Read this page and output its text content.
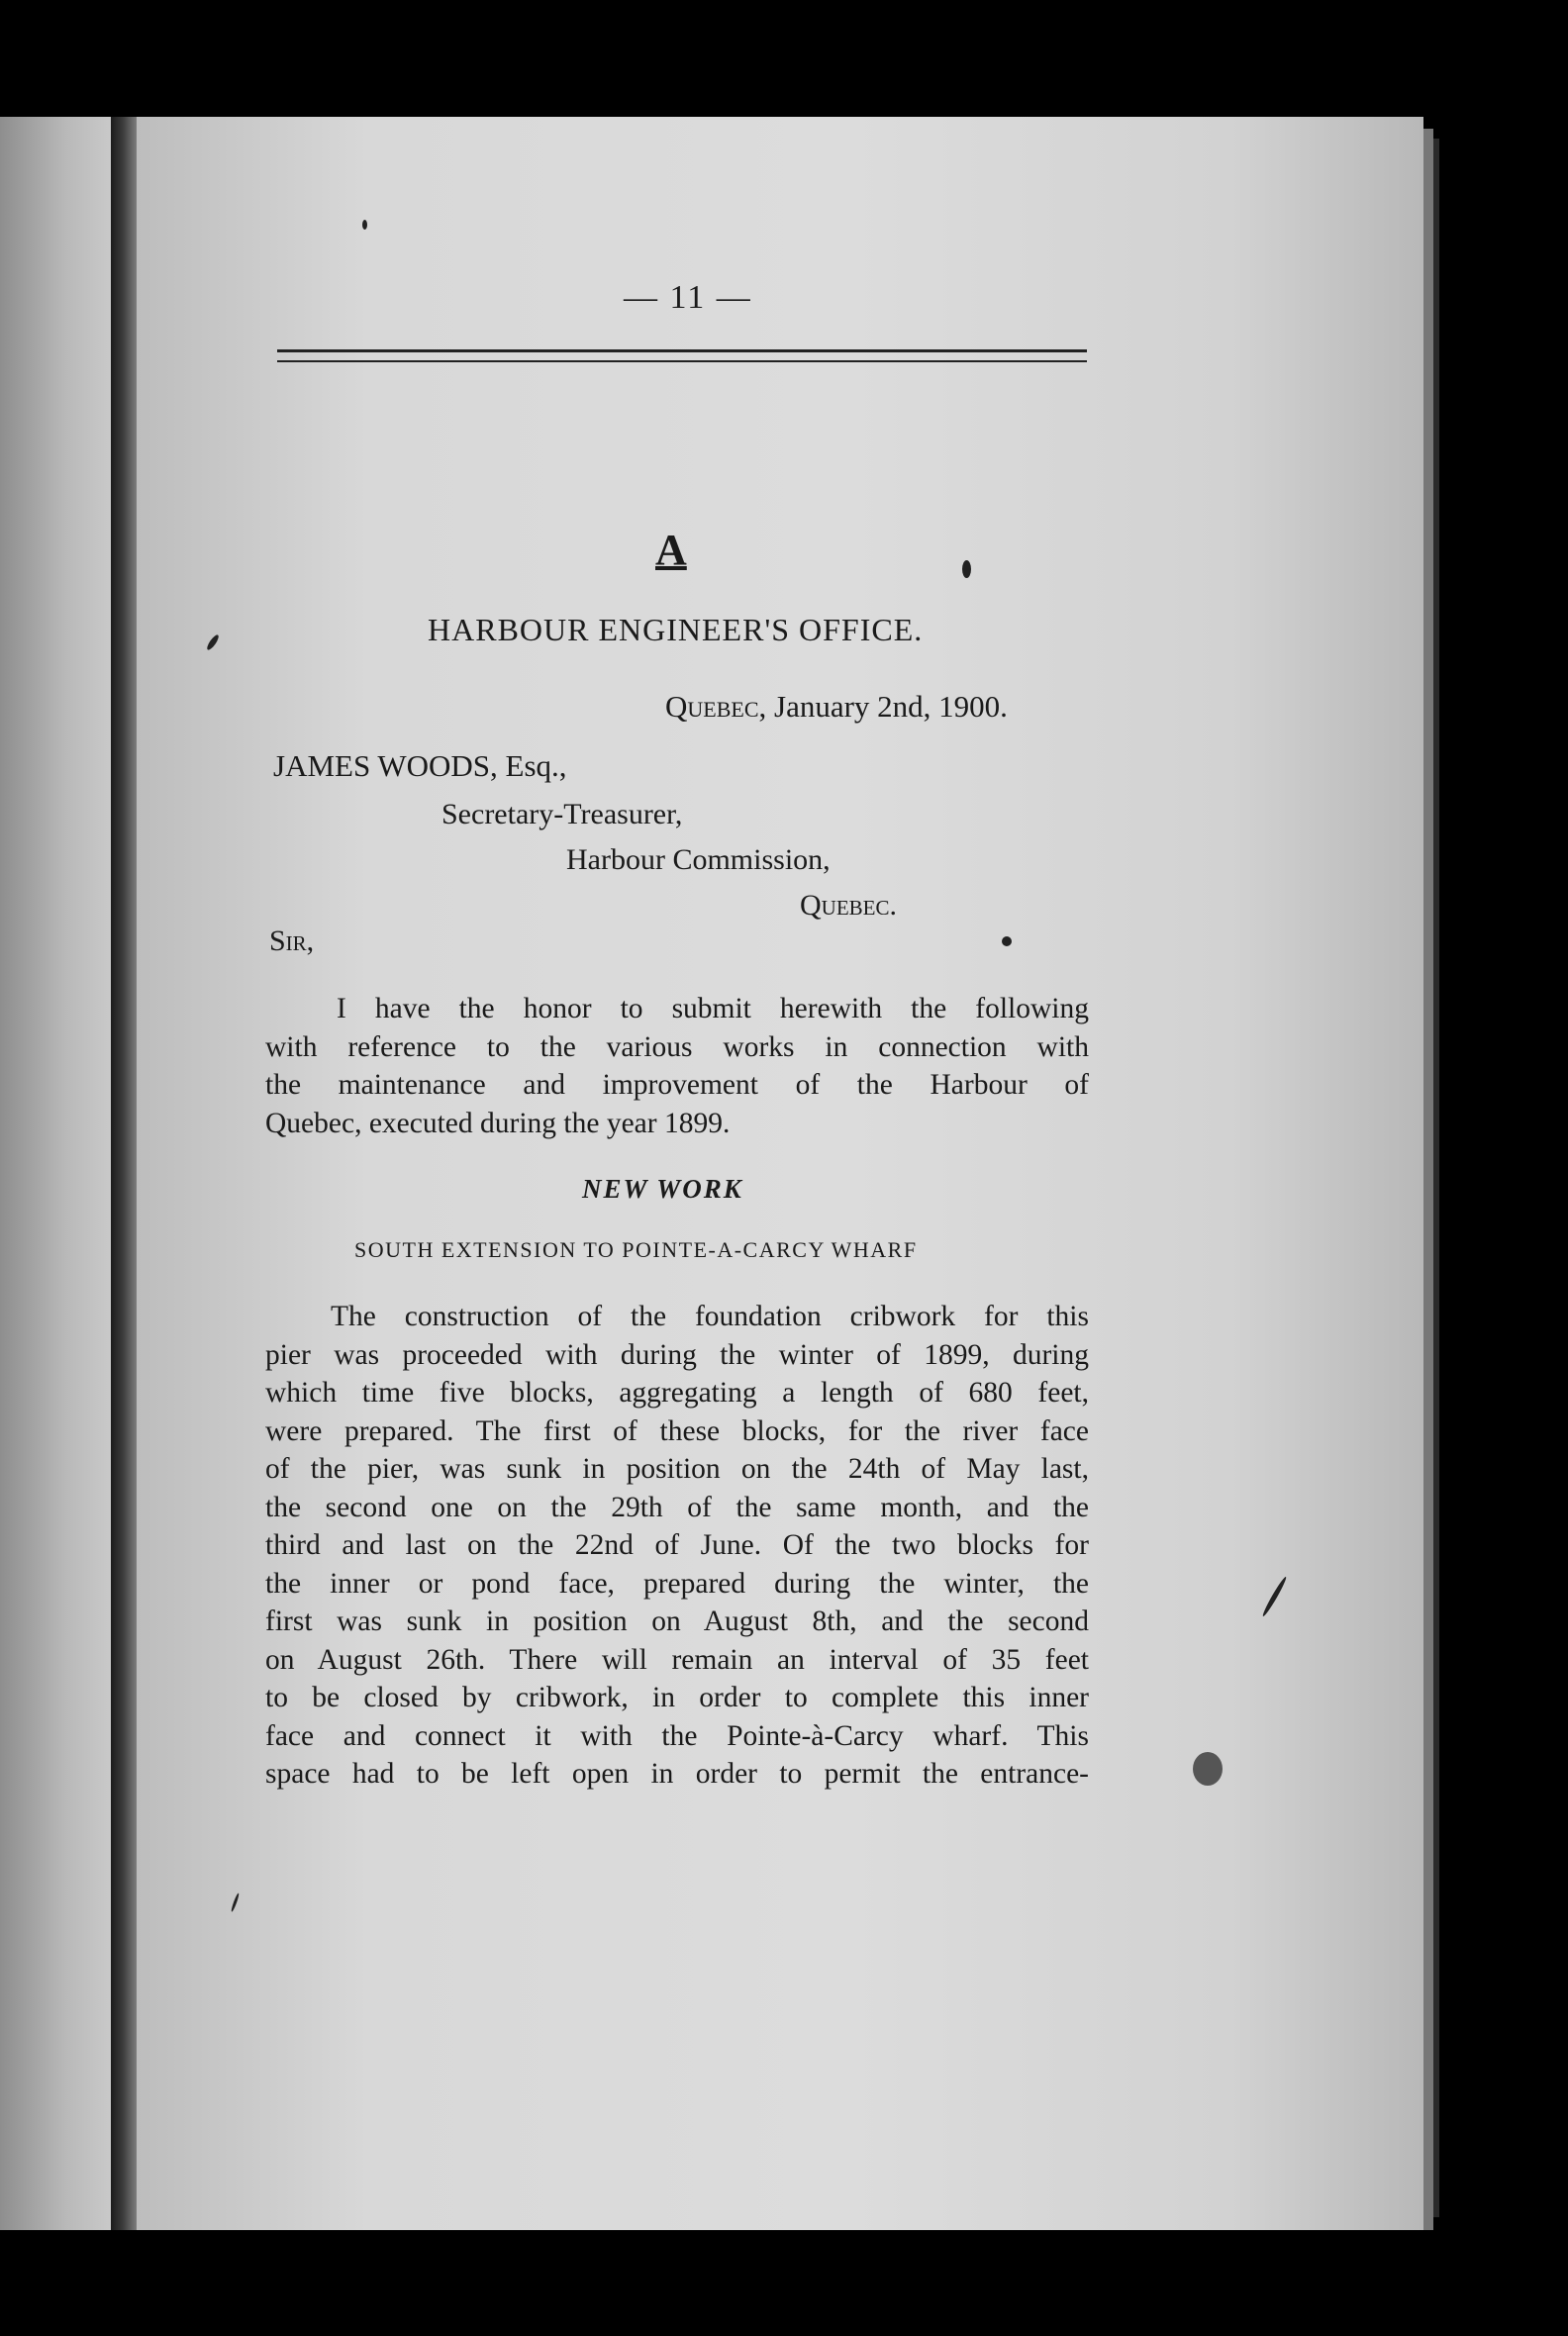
— 11 —
A
HARBOUR ENGINEER'S OFFICE.
Quebec, January 2nd, 1900.
JAMES WOODS, Esq.,
Secretary-Treasurer,
Harbour Commission,
Quebec.
Sir,
I have the honor to submit herewith the following
with reference to the various works in connection with
the maintenance and improvement of the Harbour of
Quebec, executed during the year 1899.
NEW WORK
SOUTH EXTENSION TO POINTE-A-CARCY WHARF
The construction of the foundation cribwork for this
pier was proceeded with during the winter of 1899, during
which time five blocks, aggregating a length of 680 feet,
were prepared. The first of these blocks, for the river face
of the pier, was sunk in position on the 24th of May last,
the second one on the 29th of the same month, and the
third and last on the 22nd of June. Of the two blocks for
the inner or pond face, prepared during the winter, the
first was sunk in position on August 8th, and the second
on August 26th. There will remain an interval of 35 feet
to be closed by cribwork, in order to complete this inner
face and connect it with the Pointe-à-Carcy wharf. This
space had to be left open in order to permit the entrance-
